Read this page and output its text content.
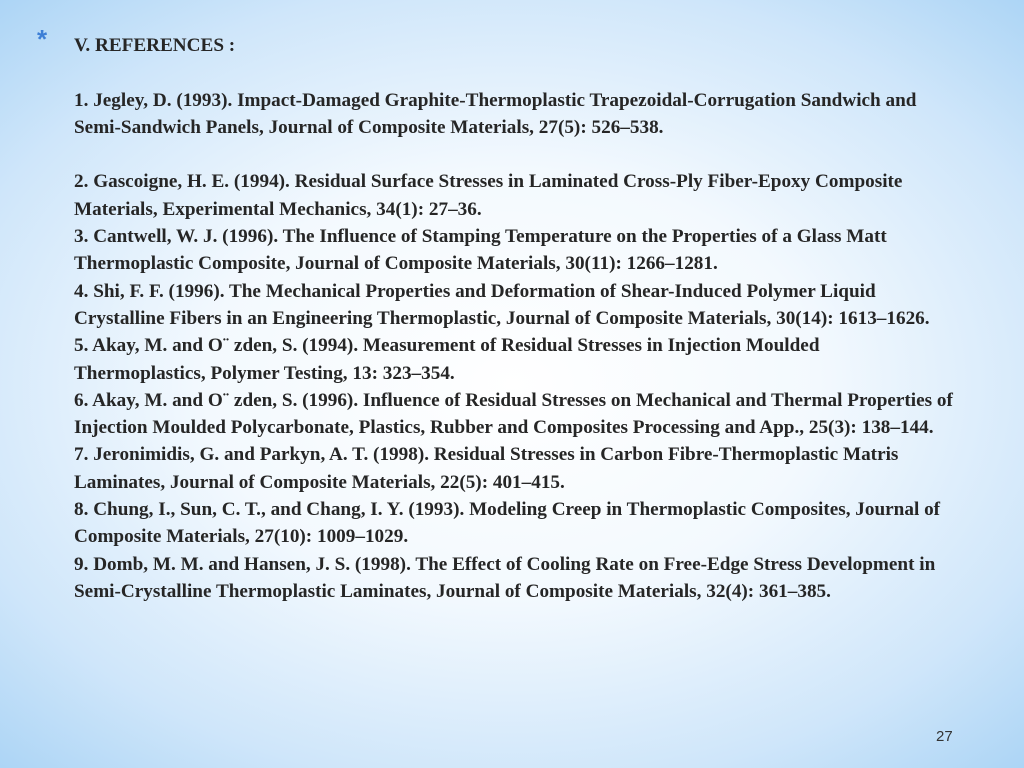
* V. REFERENCES :

1. Jegley, D. (1993). Impact-Damaged Graphite-Thermoplastic Trapezoidal-Corrugation Sandwich and Semi-Sandwich Panels, Journal of Composite Materials, 27(5): 526–538.

2. Gascoigne, H. E. (1994). Residual Surface Stresses in Laminated Cross-Ply Fiber-Epoxy Composite Materials, Experimental Mechanics, 34(1): 27–36.

3. Cantwell, W. J. (1996). The Influence of Stamping Temperature on the Properties of a Glass Matt Thermoplastic Composite, Journal of Composite Materials, 30(11): 1266–1281.

4. Shi, F. F. (1996). The Mechanical Properties and Deformation of Shear-Induced Polymer Liquid Crystalline Fibers in an Engineering Thermoplastic, Journal of Composite Materials, 30(14): 1613–1626.

5. Akay, M. and O¨ zden, S. (1994). Measurement of Residual Stresses in Injection Moulded Thermoplastics, Polymer Testing, 13: 323–354.

6. Akay, M. and O¨ zden, S. (1996). Influence of Residual Stresses on Mechanical and Thermal Properties of Injection Moulded Polycarbonate, Plastics, Rubber and Composites Processing and App., 25(3): 138–144.

7. Jeronimidis, G. and Parkyn, A. T. (1998). Residual Stresses in Carbon Fibre-Thermoplastic Matris Laminates, Journal of Composite Materials, 22(5): 401–415.

8. Chung, I., Sun, C. T., and Chang, I. Y. (1993). Modeling Creep in Thermoplastic Composites, Journal of Composite Materials, 27(10): 1009–1029.

9. Domb, M. M. and Hansen, J. S. (1998). The Effect of Cooling Rate on Free-Edge Stress Development in Semi-Crystalline Thermoplastic Laminates, Journal of Composite Materials, 32(4): 361–385.

27
